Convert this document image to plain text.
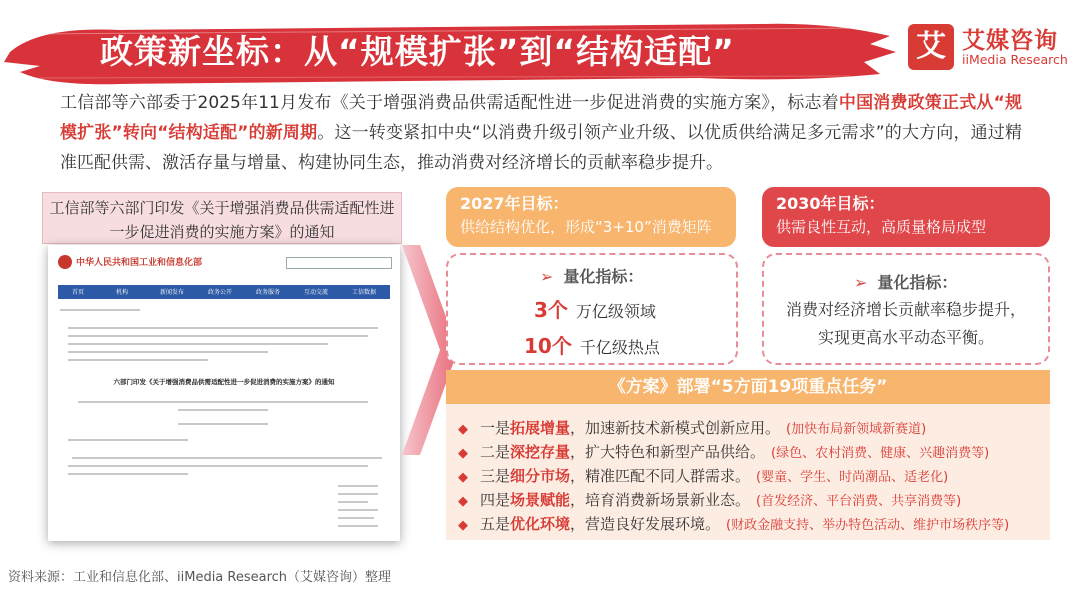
政策新坐标：从“规模扩张”到“结构适配”	艾 艾媒咨询
iiMedia Research
工信部等六部委于2025年11月发布《关于增强消费品供需适配性进一步促进消费的实施方案》，标志着中国消费政策正式从“规模扩张”转向“结构适配”的新周期。这一转变紧扣中央“以消费升级引领产业升级、以优质供给满足多元需求”的大方向，通过精准匹配供需、激活存量与增量、构建协同生态，推动消费对经济增长的贡献率稳步提升。
工信部等六部门印发《关于增强消费品供需适配性进一步促进消费的实施方案》的通知
中华人民共和国工业和信息化部
首页	机构	新闻发布	政务公开	政务服务	互动交流	工信数据
六部门印发《关于增强消费品供需适配性进一步促进消费的实施方案》的通知
2027年目标：
供给结构优化，形成“3+10”消费矩阵
➢ 量化指标：
3个 万亿级领域
10个 千亿级热点
2030年目标：
供需良性互动，高质量格局成型
➢ 量化指标：
消费对经济增长贡献率稳步提升，
实现更高水平动态平衡。
《方案》部署“5方面19项重点任务”
◆ 一是拓展增量，加速新技术新模式创新应用。 (加快布局新领域新赛道)
◆ 二是深挖存量，扩大特色和新型产品供给。 (绿色、农村消费、健康、兴趣消费等)
◆ 三是细分市场，精准匹配不同人群需求。 (婴童、学生、时尚潮品、适老化)
◆ 四是场景赋能，培育消费新场景新业态。 (首发经济、平台消费、共享消费等)
◆ 五是优化环境，营造良好发展环境。 (财政金融支持、举办特色活动、维护市场秩序等)
资料来源：工业和信息化部、iiMedia Research（艾媒咨询）整理
